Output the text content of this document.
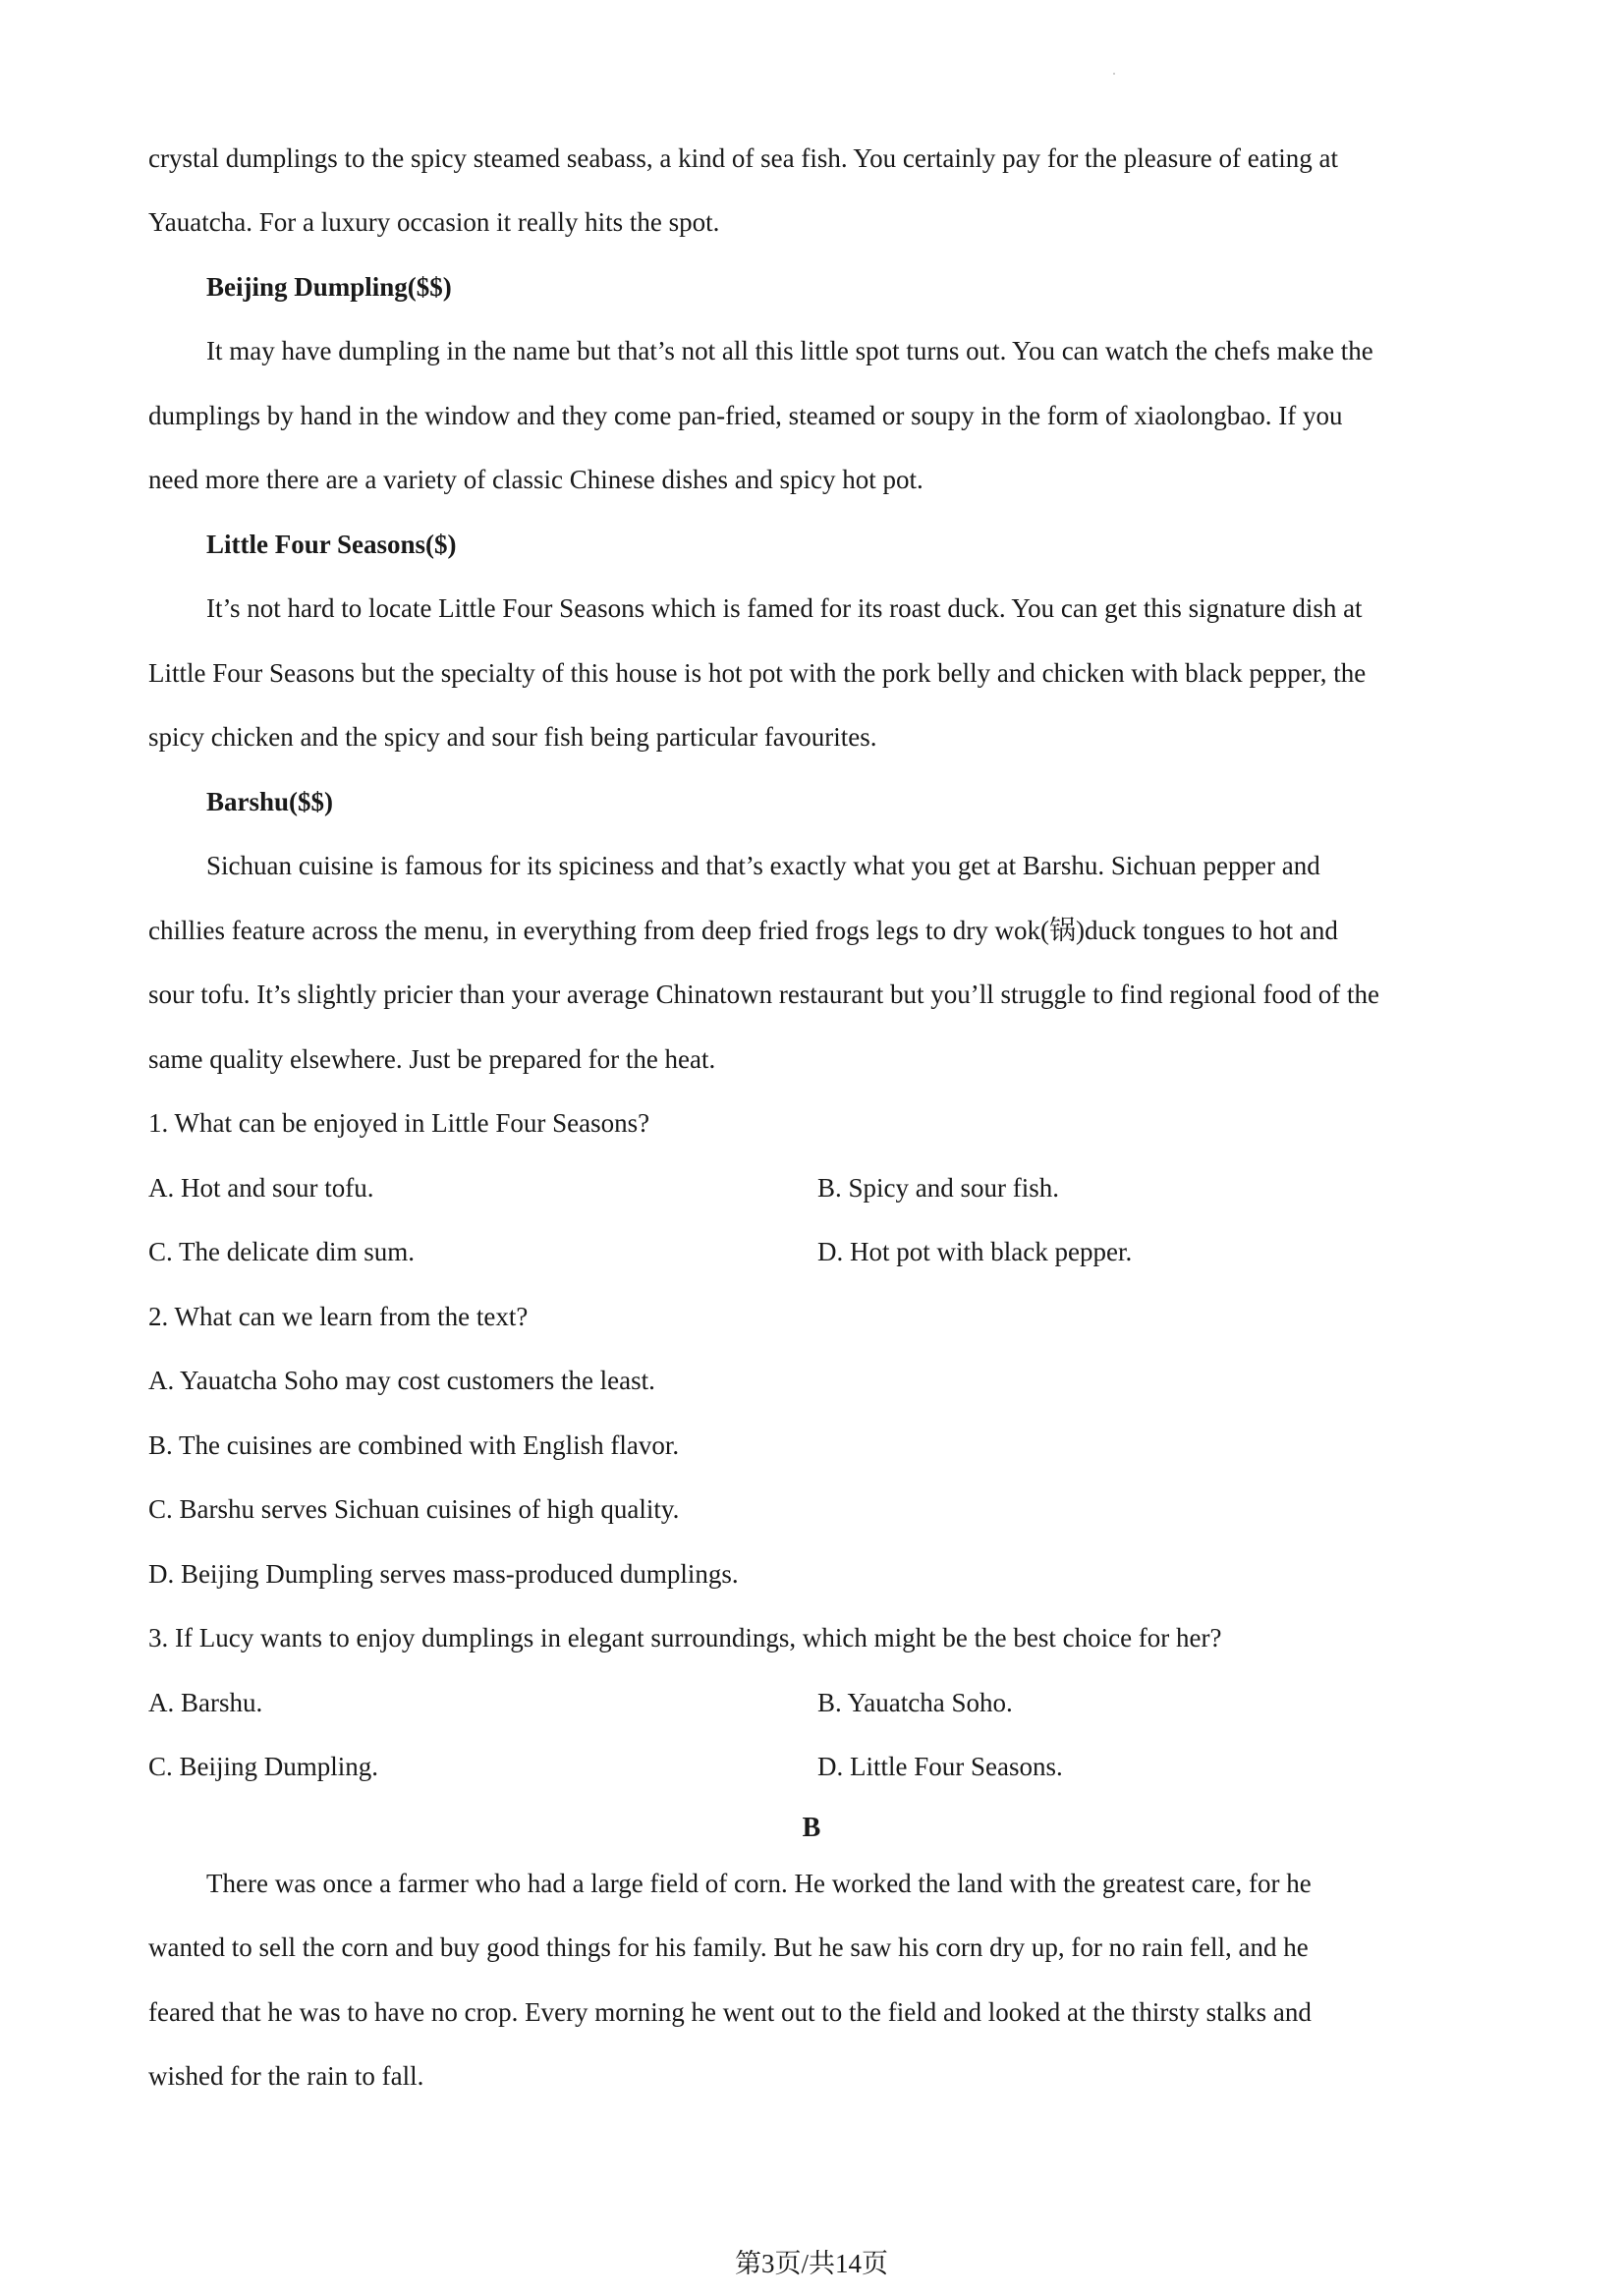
crystal dumplings to the spicy steamed seabass, a kind of sea fish. You certainly pay for the pleasure of eating at
Yauatcha. For a luxury occasion it really hits the spot.
Beijing Dumpling($$)
It may have dumpling in the name but that’s not all this little spot turns out. You can watch the chefs make the
dumplings by hand in the window and they come pan-fried, steamed or soupy in the form of xiaolongbao. If you
need more there are a variety of classic Chinese dishes and spicy hot pot.
Little Four Seasons($)
It’s not hard to locate Little Four Seasons which is famed for its roast duck. You can get this signature dish at
Little Four Seasons but the specialty of this house is hot pot with the pork belly and chicken with black pepper, the
spicy chicken and the spicy and sour fish being particular favourites.
Barshu($$)
Sichuan cuisine is famous for its spiciness and that’s exactly what you get at Barshu. Sichuan pepper and
chillies feature across the menu, in everything from deep fried frogs legs to dry wok(锅)duck tongues to hot and
sour tofu. It’s slightly pricier than your average Chinatown restaurant but you’ll struggle to find regional food of the
same quality elsewhere. Just be prepared for the heat.
1. What can be enjoyed in Little Four Seasons?
A. Hot and sour tofu.	B. Spicy and sour fish.
C. The delicate dim sum.	D. Hot pot with black pepper.
2. What can we learn from the text?
A. Yauatcha Soho may cost customers the least.
B. The cuisines are combined with English flavor.
C. Barshu serves Sichuan cuisines of high quality.
D. Beijing Dumpling serves mass-produced dumplings.
3. If Lucy wants to enjoy dumplings in elegant surroundings, which might be the best choice for her?
A. Barshu.	B. Yauatcha Soho.
C. Beijing Dumpling.	D. Little Four Seasons.
B
There was once a farmer who had a large field of corn. He worked the land with the greatest care, for he
wanted to sell the corn and buy good things for his family. But he saw his corn dry up, for no rain fell, and he
feared that he was to have no crop. Every morning he went out to the field and looked at the thirsty stalks and
wished for the rain to fall.
第3页/共14页
